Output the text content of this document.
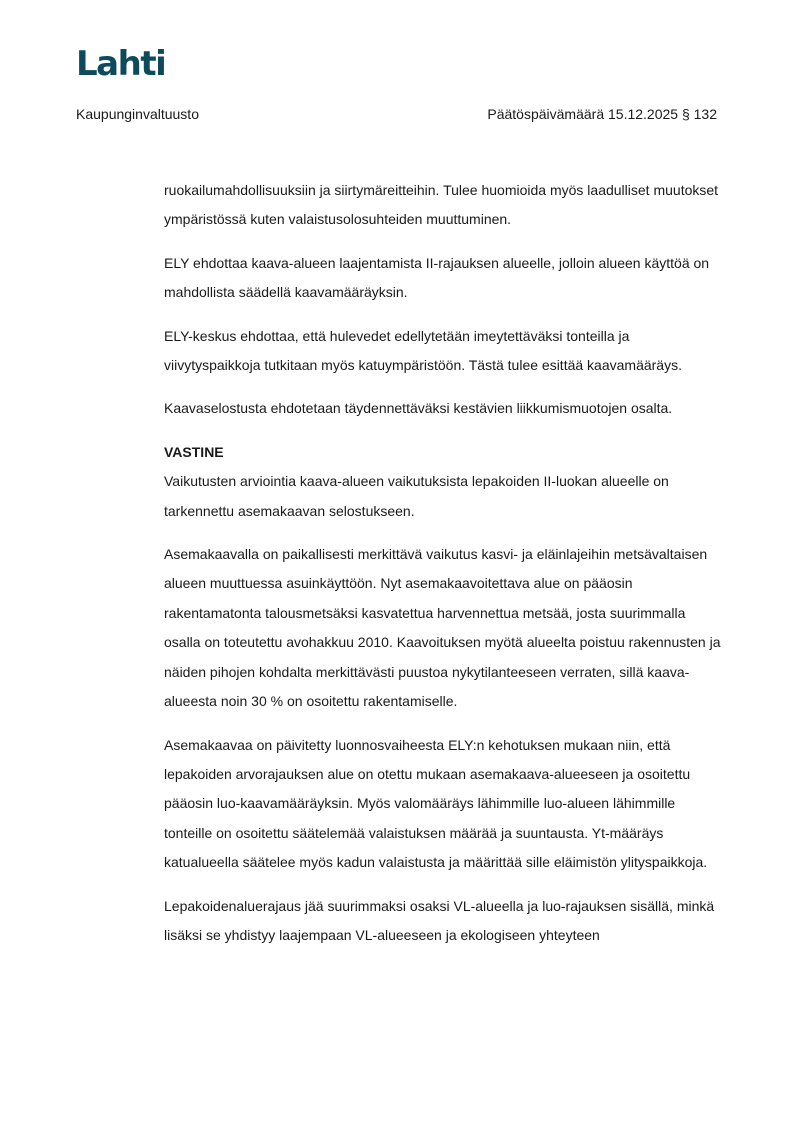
Lahti
Kaupunginvaltuusto	Päätöspäivämäärä 15.12.2025 § 132

ruokailumahdollisuuksiin ja siirtymäreitteihin. Tulee huomioida myös laadulliset muutokset ympäristössä kuten valaistusolosuhteiden muuttuminen.

ELY ehdottaa kaava-alueen laajentamista II-rajauksen alueelle, jolloin alueen käyttöä on mahdollista säädellä kaavamääräyksin.

ELY-keskus ehdottaa, että hulevedet edellytetään imeytettäväksi tonteilla ja viivytyspaikkoja tutkitaan myös katuympäristöön. Tästä tulee esittää kaavamääräys.

Kaavaselostusta ehdotetaan täydennettäväksi kestävien liikkumismuotojen osalta.

VASTINE

Vaikutusten arviointia kaava-alueen vaikutuksista lepakoiden II-luokan alueelle on tarkennettu asemakaavan selostukseen.

Asemakaavalla on paikallisesti merkittävä vaikutus kasvi- ja eläinlajeihin metsävaltaisen alueen muuttuessa asuinkäyttöön. Nyt asemakaavoitettava alue on pääosin rakentamatonta talousmetsäksi kasvatettua harvennettua metsää, josta suurimmalla osalla on toteutettu avohakkuu 2010. Kaavoituksen myötä alueelta poistuu rakennusten ja näiden pihojen kohdalta merkittävästi puustoa nykytilanteeseen verraten, sillä kaava-alueesta noin 30 % on osoitettu rakentamiselle.

Asemakaavaa on päivitetty luonnosvaiheesta ELY:n kehotuksen mukaan niin, että lepakoiden arvorajauksen alue on otettu mukaan asemakaava-alueeseen ja osoitettu pääosin luo-kaavamääräyksin. Myös valomääräys lähimmille luo-alueen lähimmille tonteille on osoitettu säätelemää valaistuksen määrää ja suuntausta. Yt-määräys katualueella säätelee myös kadun valaistusta ja määrittää sille eläimistön ylityspaikkoja.

Lepakoidenaluerajaus jää suurimmaksi osaksi VL-alueella ja luo-rajauksen sisällä, minkä lisäksi se yhdistyy laajempaan VL-alueeseen ja ekologiseen yhteyteen
